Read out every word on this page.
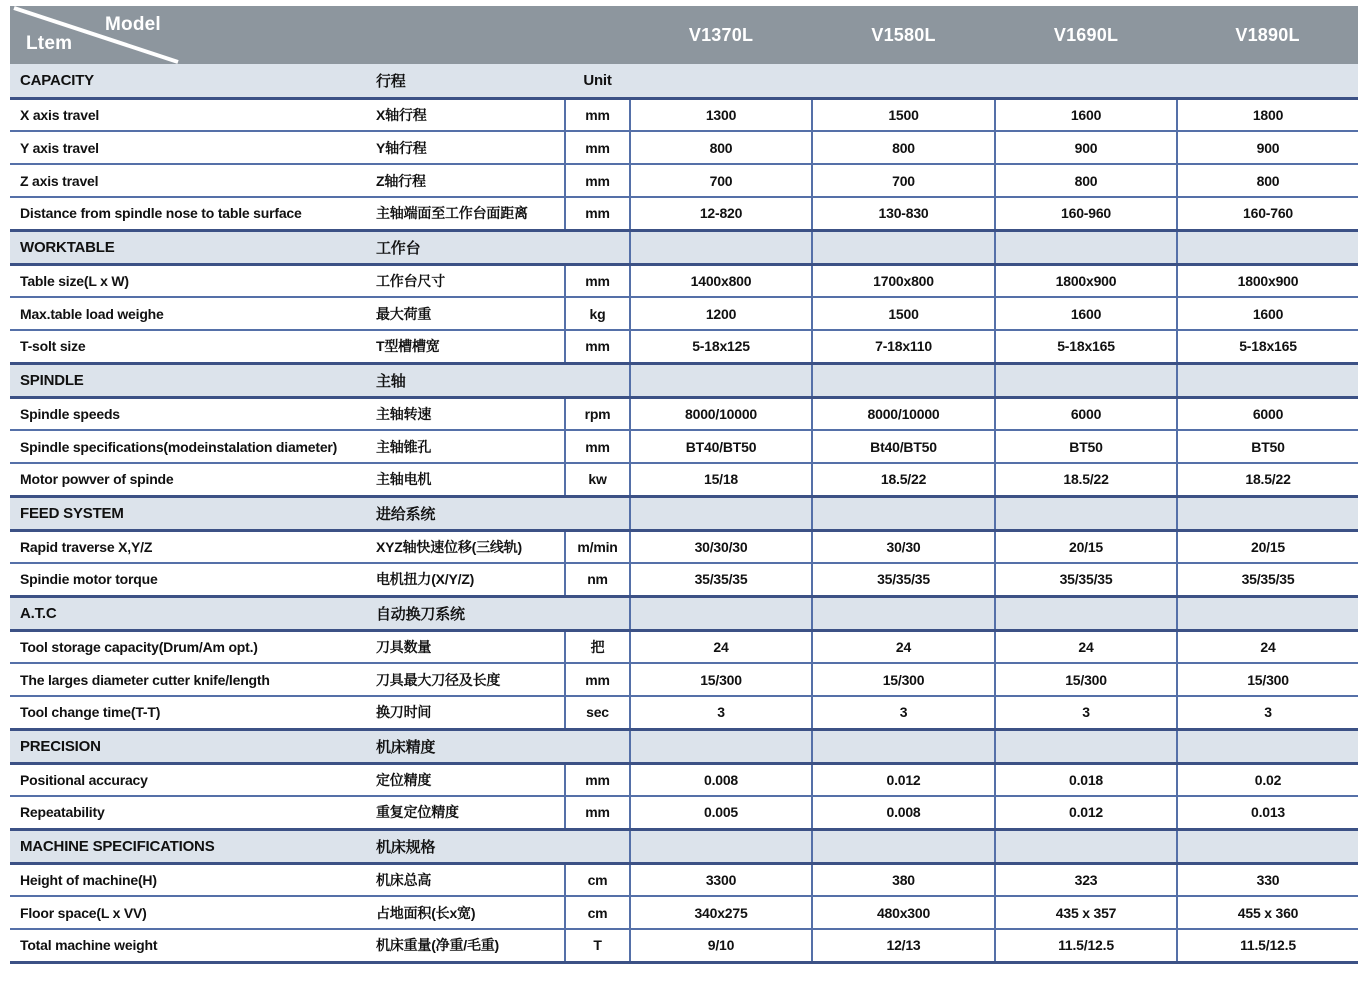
Model
Ltem			V1370L	V1580L	V1690L	V1890L
CAPACITY	行程	Unit				
X axis travel	X轴行程	mm	1300	1500	1600	1800
Y axis travel	Y轴行程	mm	800	800	900	900
Z axis travel	Z轴行程	mm	700	700	800	800
Distance from spindle nose to table surface	主轴端面至工作台面距离	mm	12-820	130-830	160-960	160-760
WORKTABLE	工作台					
Table size(L x W)	工作台尺寸	mm	1400x800	1700x800	1800x900	1800x900
Max.table load weighe	最大荷重	kg	1200	1500	1600	1600
T-solt size	T型槽槽宽	mm	5-18x125	7-18x110	5-18x165	5-18x165
SPINDLE	主轴					
Spindle speeds	主轴转速	rpm	8000/10000	8000/10000	6000	6000
Spindle specifications(modeinstalation diameter)	主轴锥孔	mm	BT40/BT50	Bt40/BT50	BT50	BT50
Motor powver of spinde	主轴电机	kw	15/18	18.5/22	18.5/22	18.5/22
FEED SYSTEM	进给系统					
Rapid traverse X,Y/Z	XYZ轴快速位移(三线轨)	m/min	30/30/30	30/30	20/15	20/15
Spindie motor torque	电机扭力(X/Y/Z)	nm	35/35/35	35/35/35	35/35/35	35/35/35
A.T.C	自动换刀系统					
Tool storage capacity(Drum/Am opt.)	刀具数量	把	24	24	24	24
The larges diameter cutter knife/length	刀具最大刀径及长度	mm	15/300	15/300	15/300	15/300
Tool change time(T-T)	换刀时间	sec	3	3	3	3
PRECISION	机床精度					
Positional accuracy	定位精度	mm	0.008	0.012	0.018	0.02
Repeatability	重复定位精度	mm	0.005	0.008	0.012	0.013
MACHINE SPECIFICATIONS	机床规格					
Height of machine(H)	机床总高	cm	3300	380	323	330
Floor space(L x VV)	占地面积(长x宽)	cm	340x275	480x300	435 x 357	455 x 360
Total machine weight	机床重量(净重/毛重)	T	9/10	12/13	11.5/12.5	11.5/12.5
